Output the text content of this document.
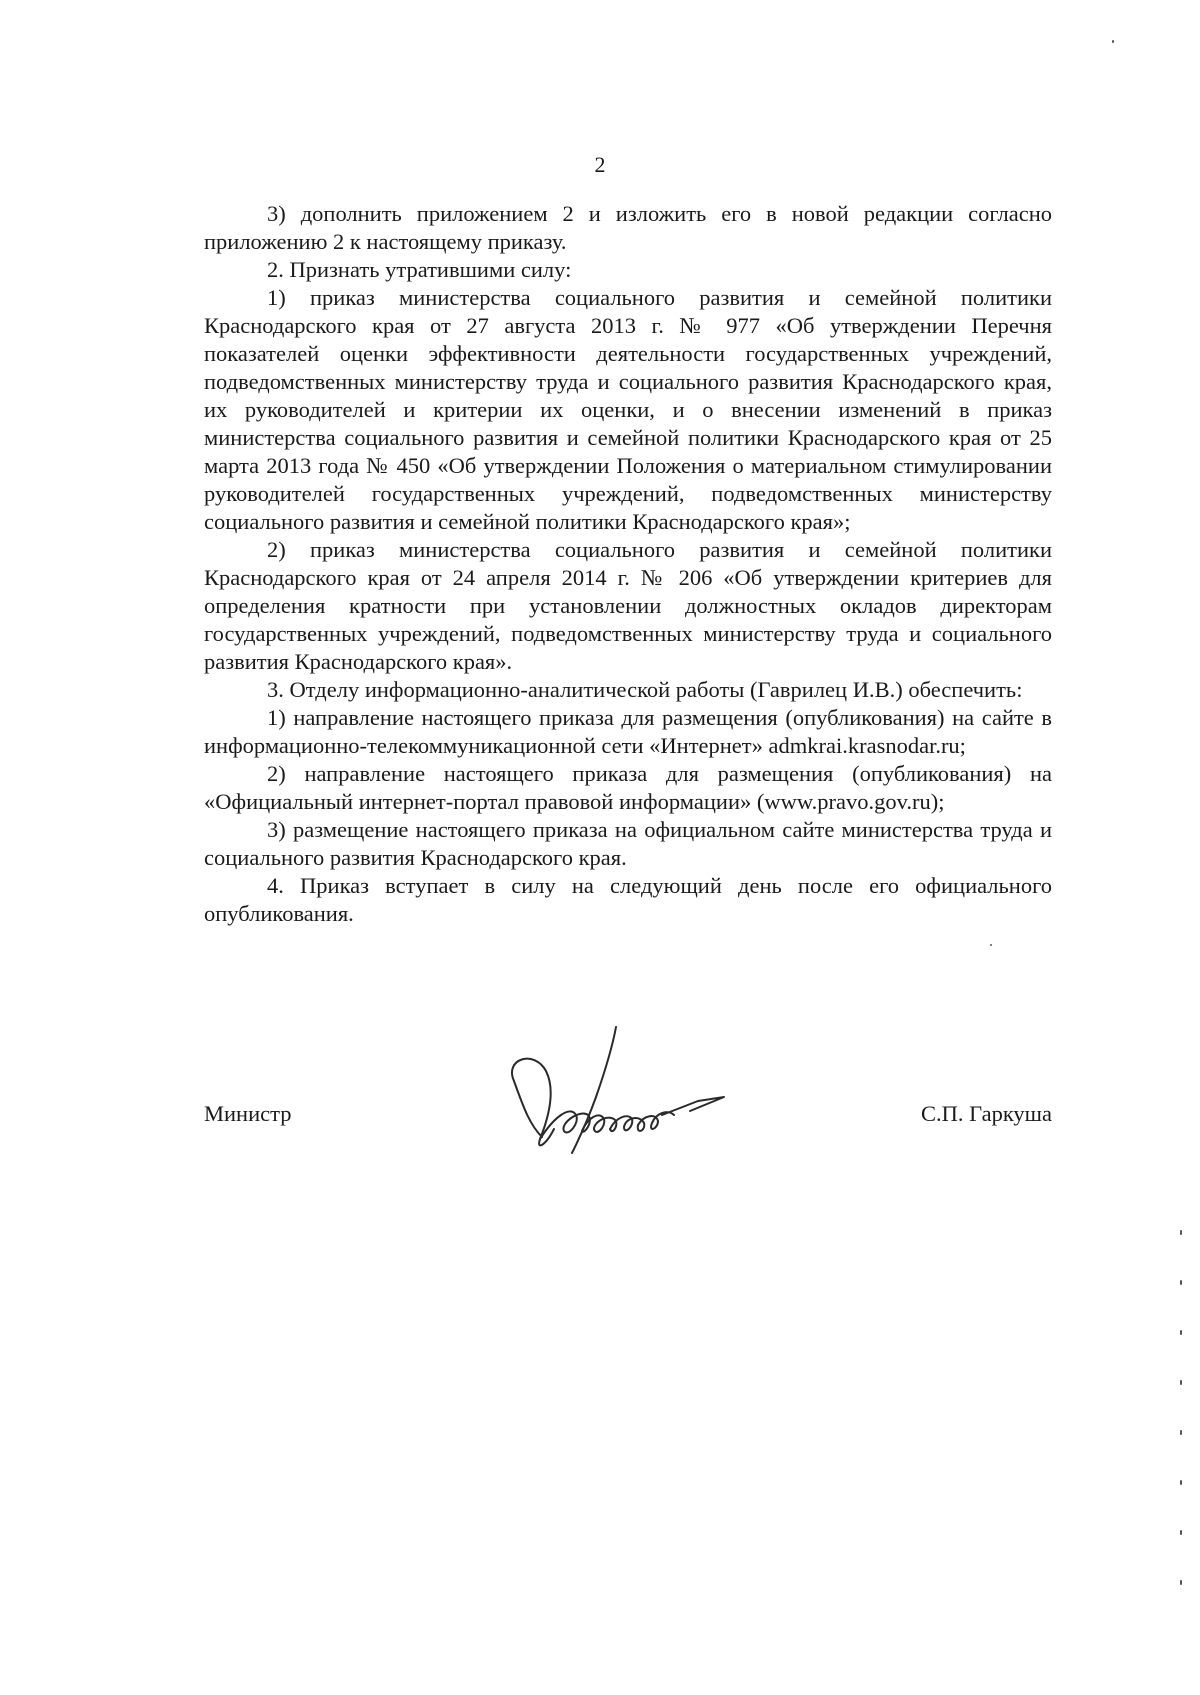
2

3) дополнить приложением 2 и изложить его в новой редакции согласно приложению 2 к настоящему приказу.

2. Признать утратившими силу:

1) приказ министерства социального развития и семейной политики Краснодарского края от 27 августа 2013 г. № 977 «Об утверждении Перечня показателей оценки эффективности деятельности государственных учреждений, подведомственных министерству труда и социального развития Краснодарского края, их руководителей и критерии их оценки, и о внесении изменений в приказ министерства социального развития и семейной политики Краснодарского края от 25 марта 2013 года № 450 «Об утверждении Положения о материальном стимулировании руководителей государственных учреждений, подведомственных министерству социального развития и семейной политики Краснодарского края»;

2) приказ министерства социального развития и семейной политики Краснодарского края от 24 апреля 2014 г. № 206 «Об утверждении критериев для определения кратности при установлении должностных окладов директорам государственных учреждений, подведомственных министерству труда и социального развития Краснодарского края».

3. Отделу информационно-аналитической работы (Гаврилец И.В.) обеспечить:

1) направление настоящего приказа для размещения (опубликования) на сайте в информационно-телекоммуникационной сети «Интернет» admkrai.krasnodar.ru;

2) направление настоящего приказа для размещения (опубликования) на «Официальный интернет-портал правовой информации» (www.pravo.gov.ru);

3) размещение настоящего приказа на официальном сайте министерства труда и социального развития Краснодарского края.

4. Приказ вступает в силу на следующий день после его официального опубликования.

Министр	С.П. Гаркуша
